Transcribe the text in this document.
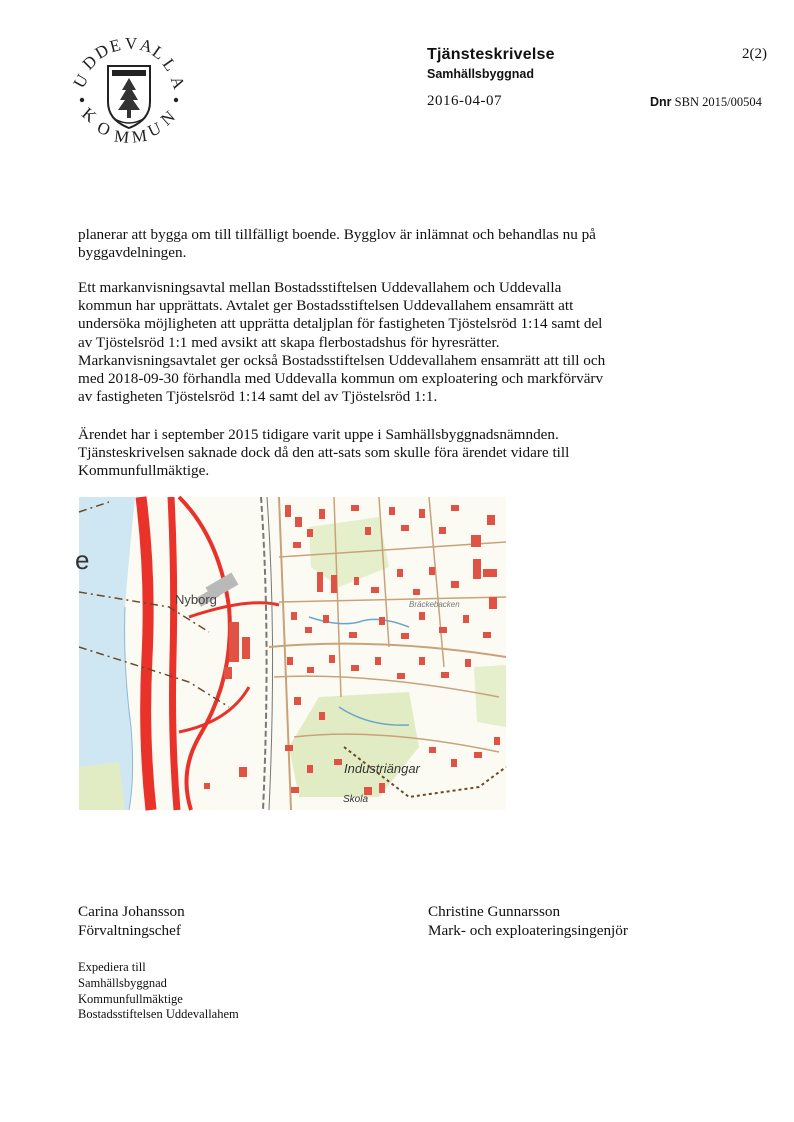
U
D
D
E V A
L
L
A
K
O M M
U
N
Tjänsteskrivelse
Samhällsbyggnad
2(2)
2016-04-07	Dnr SBN 2015/00504

planerar att bygga om till tillfälligt boende. Bygglov är inlämnat och behandlas nu på
byggavdelningen.

Ett markanvisningsavtal mellan Bostadsstiftelsen Uddevallahem och Uddevalla
kommun har upprättats. Avtalet ger Bostadsstiftelsen Uddevallahem ensamrätt att
undersöka möjligheten att upprätta detaljplan för fastigheten Tjöstelsröd 1:14 samt del
av Tjöstelsröd 1:1 med avsikt att skapa flerbostadshus för hyresrätter.
Markanvisningsavtalet ger också Bostadsstiftelsen Uddevallahem ensamrätt att till och
med 2018-09-30 förhandla med Uddevalla kommun om exploatering och markförvärv
av fastigheten Tjöstelsröd 1:14 samt del av Tjöstelsröd 1:1.

Ärendet har i september 2015 tidigare varit uppe i Samhällsbyggnadsnämnden.
Tjänsteskrivelsen saknade dock då den att-sats som skulle föra ärendet vidare till
Kommunfullmäktige.

Nyborg
Industriängar
Skola
Bräckebacken
e
Carina Johansson
Förvaltningschef
Christine Gunnarsson
Mark- och exploateringsingenjör
Expediera till
Samhällsbyggnad
Kommunfullmäktige
Bostadsstiftelsen Uddevallahem
